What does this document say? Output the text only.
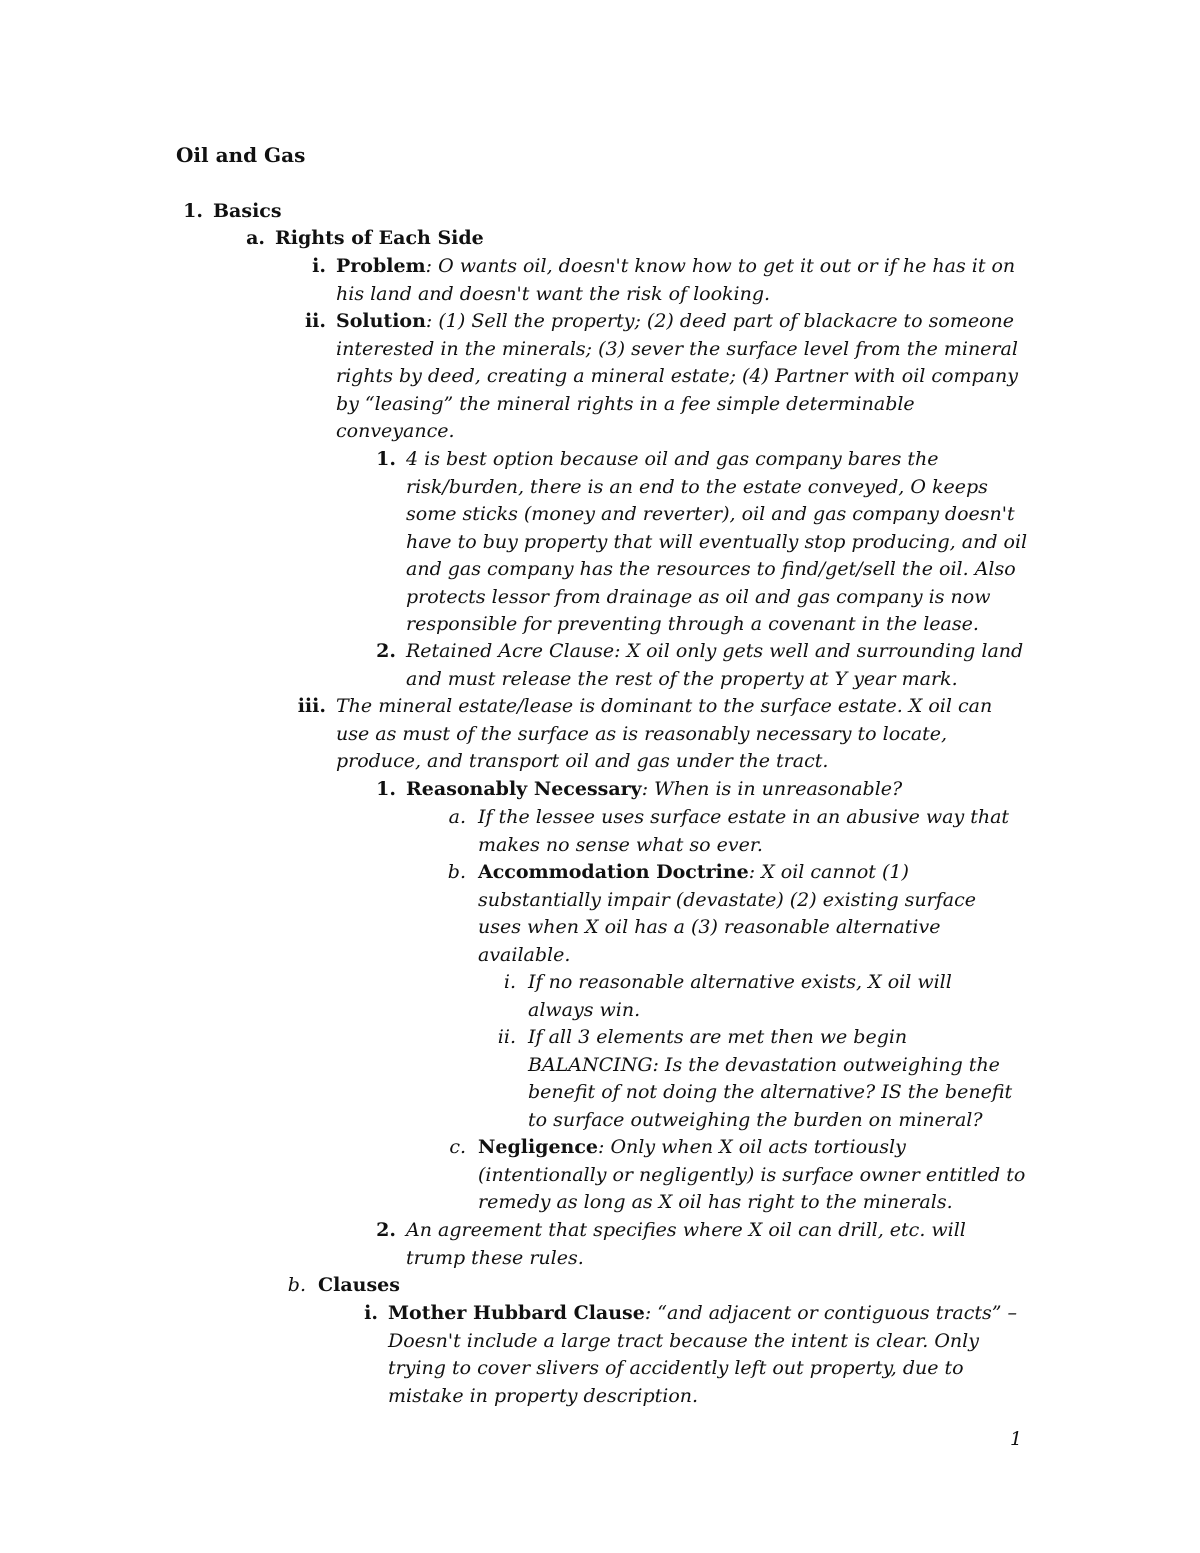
Oil and Gas
1. Basics
a. Rights of Each Side
i. Problem: O wants oil, doesn't know how to get it out or if he has it on his land and doesn't want the risk of looking.
ii. Solution: (1) Sell the property; (2) deed part of blackacre to someone interested in the minerals; (3) sever the surface level from the mineral rights by deed, creating a mineral estate; (4) Partner with oil company by “leasing” the mineral rights in a fee simple determinable conveyance.
1. 4 is best option because oil and gas company bares the risk/burden, there is an end to the estate conveyed, O keeps some sticks (money and reverter), oil and gas company doesn't have to buy property that will eventually stop producing, and oil and gas company has the resources to find/get/sell the oil. Also protects lessor from drainage as oil and gas company is now responsible for preventing through a covenant in the lease.
2. Retained Acre Clause: X oil only gets well and surrounding land and must release the rest of the property at Y year mark.
iii. The mineral estate/lease is dominant to the surface estate. X oil can use as must of the surface as is reasonably necessary to locate, produce, and transport oil and gas under the tract.
1. Reasonably Necessary: When is in unreasonable?
a. If the lessee uses surface estate in an abusive way that makes no sense what so ever.
b. Accommodation Doctrine: X oil cannot (1) substantially impair (devastate) (2) existing surface uses when X oil has a (3) reasonable alternative available.
i. If no reasonable alternative exists, X oil will always win.
ii. If all 3 elements are met then we begin BALANCING: Is the devastation outweighing the benefit of not doing the alternative? IS the benefit to surface outweighing the burden on mineral?
c. Negligence: Only when X oil acts tortiously (intentionally or negligently) is surface owner entitled to remedy as long as X oil has right to the minerals.
2. An agreement that specifies where X oil can drill, etc. will trump these rules.
b. Clauses
i. Mother Hubbard Clause: “and adjacent or contiguous tracts” – Doesn't include a large tract because the intent is clear. Only trying to cover slivers of accidently left out property, due to mistake in property description.
1
